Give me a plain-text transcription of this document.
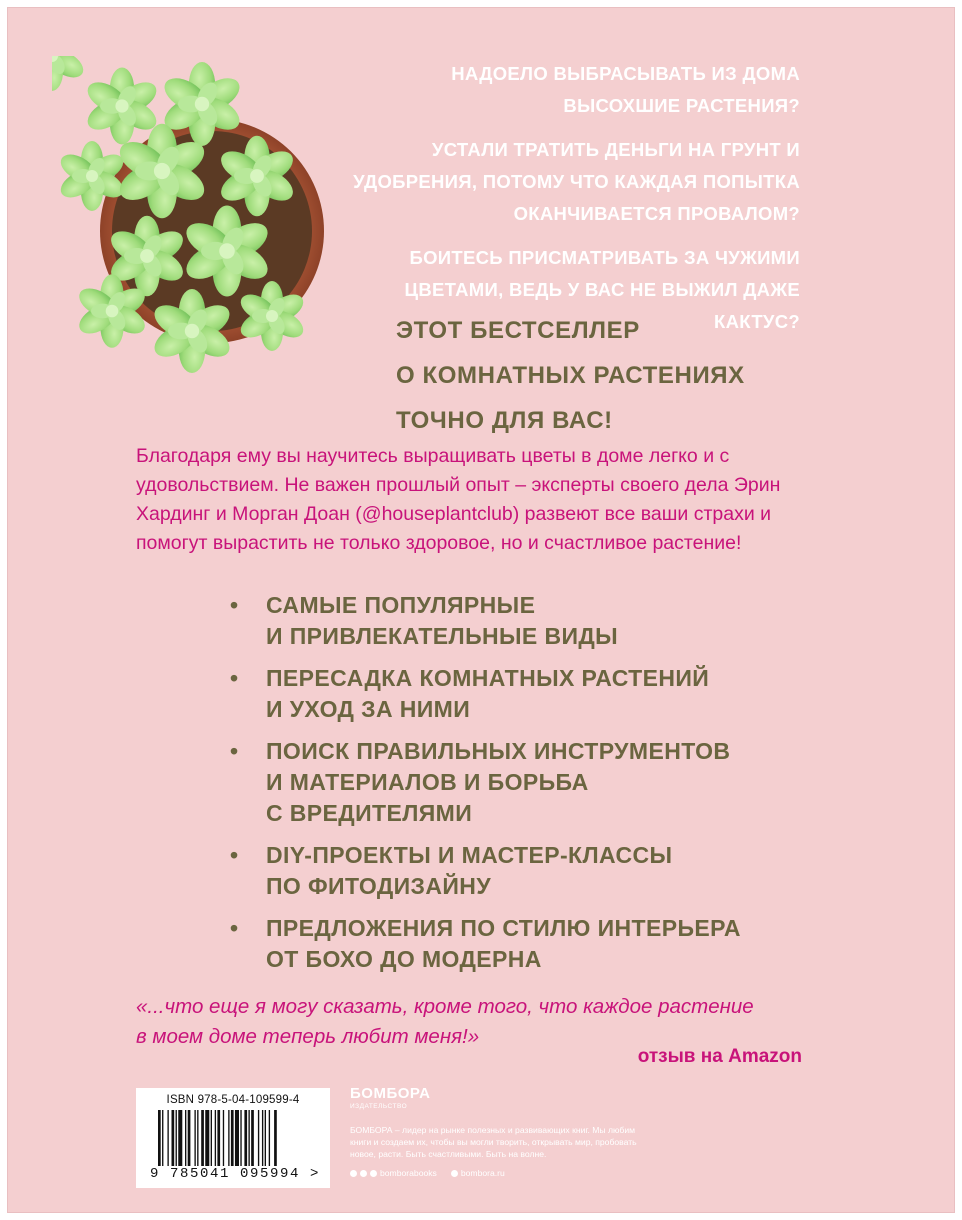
НАДОЕЛО ВЫБРАСЫВАТЬ ИЗ ДОМА
ВЫСОХШИЕ РАСТЕНИЯ?

УСТАЛИ ТРАТИТЬ ДЕНЬГИ НА ГРУНТ И
УДОБРЕНИЯ, ПОТОМУ ЧТО КАЖДАЯ ПОПЫТКА
ОКАНЧИВАЕТСЯ ПРОВАЛОМ?

БОИТЕСЬ ПРИСМАТРИВАТЬ ЗА ЧУЖИМИ
ЦВЕТАМИ, ВЕДЬ У ВАС НЕ ВЫЖИЛ ДАЖЕ
КАКТУС?

ЭТОТ БЕСТСЕЛЛЕР
О КОМНАТНЫХ РАСТЕНИЯХ
ТОЧНО ДЛЯ ВАС!
Благодаря ему вы научитесь выращивать цветы в доме легко и с удовольствием. Не важен прошлый опыт – эксперты своего дела Эрин Хардинг и Морган Доан (@houseplantclub) развеют все ваши страхи и помогут вырастить не только здоровое, но и счастливое растение!
• САМЫЕ ПОПУЛЯРНЫЕ
И ПРИВЛЕКАТЕЛЬНЫЕ ВИДЫ
• ПЕРЕСАДКА КОМНАТНЫХ РАСТЕНИЙ
И УХОД ЗА НИМИ
• ПОИСК ПРАВИЛЬНЫХ ИНСТРУМЕНТОВ
И МАТЕРИАЛОВ И БОРЬБА
С ВРЕДИТЕЛЯМИ
• DIY-ПРОЕКТЫ И МАСТЕР-КЛАССЫ
ПО ФИТОДИЗАЙНУ
• ПРЕДЛОЖЕНИЯ ПО СТИЛЮ ИНТЕРЬЕРА
ОТ БОХО ДО МОДЕРНА
«...что еще я могу сказать, кроме того, что каждое растение
в моем доме теперь любит меня!»
отзыв на Amazon
ISBN 978-5-04-109599-4
9 785041 095994 >
БОМБОРА
ИЗДАТЕЛЬСТВО
БОМБОРА – лидер на рынке полезных и развивающих книг. Мы любим книги и создаем их, чтобы вы могли творить, открывать мир, пробовать новое, расти. Быть счастливыми. Быть на волне.
bomborabooks	bombora.ru
